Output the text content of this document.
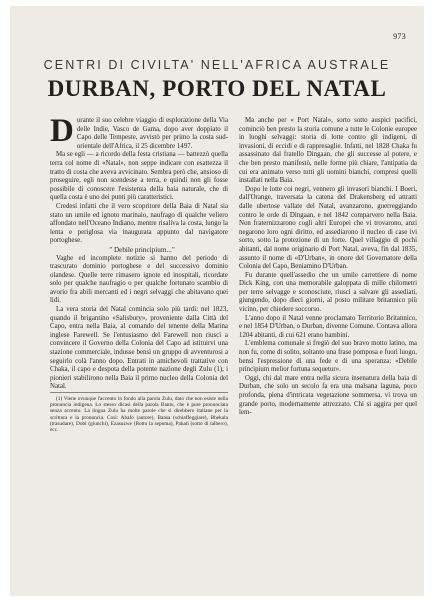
973
CENTRI DI CIVILTA' NELL'AFRICA AUSTRALE
DURBAN, PORTO DEL NATAL

Durante il suo celebre viaggio di esplorazione della Via delle Indie, Vasco de Gama, dopo aver doppiato il Capo delle Tempeste, avvistò per primo la costa sud-orientale dell'Africa, il 25 dicembre 1497.

Ma se egli — a ricordo della festa cristiana — battezzò quella terra col nome di «Natal», non seppe indicare con esattezza il tratto di costa che aveva avvicinato. Sembra però che, ansioso di proseguire, egli non scendesse a terra, e quindi non gli fosse possibile di conoscere l'esistenza della baia naturale, che di quella costa è uno dei punti più caratteristici.

Credesi infatti che il vero scopritore della Baia di Natal sia stato un umile ed ignoto marinaio, naufrago di qualche veliero affondato nell'Oceano Indiano, mentre risaliva la costa, lungo la lenta e periglosa via inaugurata appunto dal navigatore portoghese.

" Debile principium..."

Vaghe ed incomplete notizie si hanno del periodo di trascurato dominio portoghese e del successivo dominio olandese. Quelle terre rimasero ignote ed inospitali, ricordate solo per qualche naufragio o per qualche fortunato scambio di avorio fra abili mercanti ed i negri selvaggi che abitavano quei lidi.

La vera storia del Natal comincia solo più tardi: nel 1823, quando il brigantino «Salisbury», proveniente dalla Città del Capo, entra nella Baia, al comando del tenente della Marina inglese Farewell. Se l'entusiasmo del Farewell non riuscì a convincere il Governo della Colonia del Capo ad istituirvi una stazione commerciale, indusse bensì un gruppo di avventurosi a seguirlo colà l'anno dopo. Entrati in amichevoli trattative con Chaka, il capo e despota della potente nazione degli Zulu (1), i pionieri stabilirono nella Baia il primo nucleo della Colonia del Natal.

(1) Viene ovunque l'accento in fondo alla parola Zulu, dato che non esiste nella pronuncia indigena. Lo stesso dicasi della parola Bantu, che è pure pronunciata senza accento. La lingua Zulu ha molte parole che si direbbero italiane per la scrittura e la pronuncia. Così: Abafo (autore), Bansa (schiaffeggiare), Bhekala (trasudare), Dobi (giunchi), Ezasuzwe (Botto la sepoma), Pahati (sotto di talbero), ecc.

Ma anche per « Port Natal», sorto sotto auspici pacifici, cominciò ben presto la storia comune a tutte le Colonie europee in luoghi selvaggi: storia di lotte contro gli indigeni, di invasioni, di eccidi e di rappresaglie. Infatti, nel 1828 Chaka fu assassinato dal fratello Dingaan, che gli successe al potere, e che ben presto manifestò, nelle forme più chiare, l'antipatia da cui era animato verso tutti gli uomini bianchi, compresi quelli installati nella Baia.

Dopo le lotte coi negri, vennero gli invasori bianchi. I Boeri, dall'Orange, traversata la catena del Drakensberg ed attratti dalle ubertose vallate del Natal, avanzarono, guerreggiando contro le orde di Dingaan, e nel 1842 comparvero nella Baia. Non fraternizzarono cogli altri Europei che vi trovarono, anzi negarono loro ogni diritto, ed assediarono il nucleo di case ivi sorto, sotto la protezione di un forte. Quel villaggio di pochi abitanti, dal nome originario di Port Natal, aveva, fin dal 1835, assunto il nome di «D'Urban», in onore del Governatore della Colonia del Capo, Beniamino D'Urban.

Fu durante quell'assedio che un umile carrettiere di nome Dick King, con una memorabile galoppata di mille chilometri per terre selvagge e sconosciute, riuscì a salvare gli assediati, giungendo, dopo dieci giorni, al posto militare britannico più vicino, per chiedere soccorso.

L'anno dopo il Natal venne proclamato Territorio Britannico, e nel 1854 D'Urban, o Durban, divenne Comune. Contava allora 1204 abitanti, di cui 621 erano bambini.

L'emblema comunale si fregiò del suo bravo motto latino, ma non fu, come di solito, soltanto una frase pomposa e fuori luogo, bensì l'espressione di una fede e di una speranza: «Debile principium melior fortuna sequetur».

Oggi, chi dal mare entra nella sicura insenatura della baia di Durban, che solo un secolo fa era una malsana laguna, poco profonda, piena d'intricata vegetazione sommersa, vi trova un grande porto, modernamente attrezzato. Chi si aggira per quel lem-
